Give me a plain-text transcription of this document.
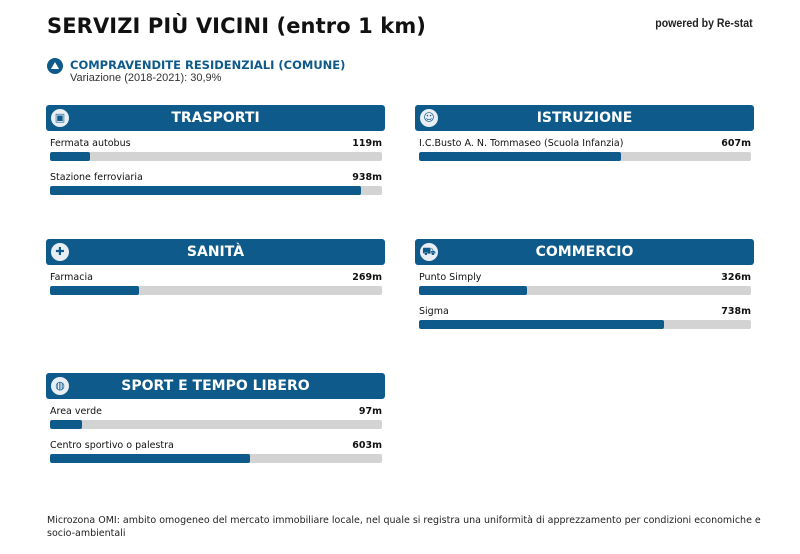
SERVIZI PIÙ VICINI (entro 1 km)	powered by Re-stat
COMPRAVENDITE RESIDENZIALI (COMUNE)
Variazione (2018-2021): 30,9%
▣	TRASPORTI
Fermata autobus	119m
Stazione ferroviaria	938m
☺	ISTRUZIONE
I.C.Busto A. N. Tommaseo (Scuola Infanzia)	607m
✚	SANITÀ
Farmacia	269m
⛟	COMMERCIO
Punto Simply	326m
Sigma	738m
◍	SPORT E TEMPO LIBERO
Area verde	97m
Centro sportivo o palestra	603m

Microzona OMI: ambito omogeneo del mercato immobiliare locale, nel quale si registra una uniformità di apprezzamento per condizioni economiche e socio-ambientali
